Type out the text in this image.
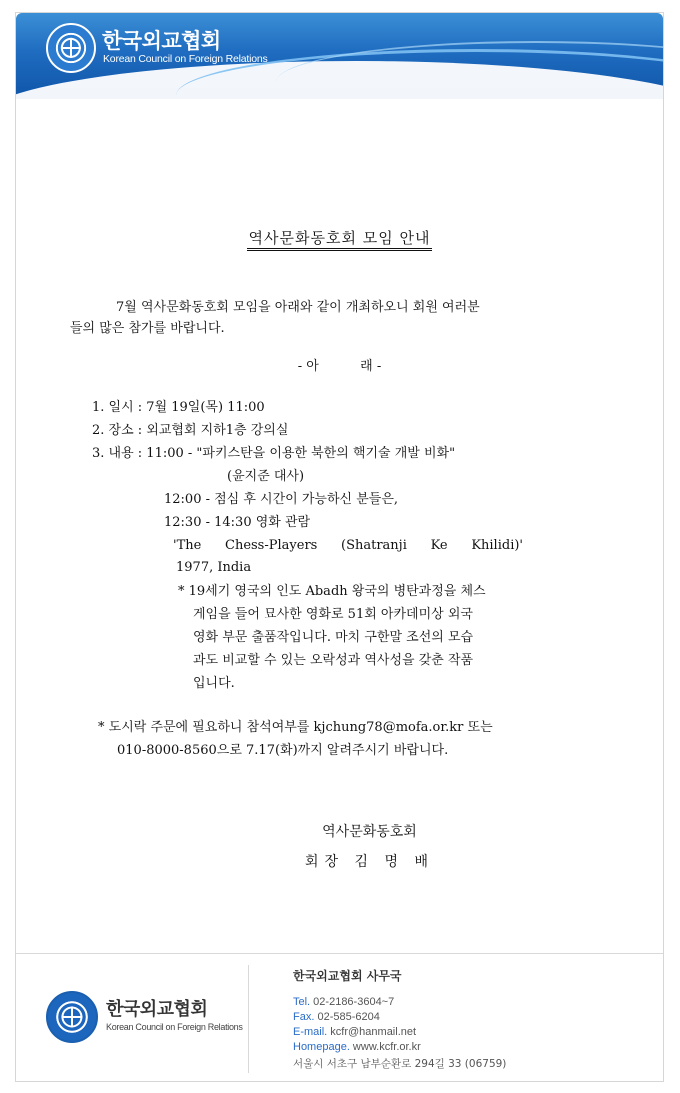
한국외교협회
Korean Council on Foreign Relations
역사문화동호회 모임 안내
7월 역사문화동호회 모임을 아래와 같이 개최하오니 회원 여러분
들의 많은 참가를 바랍니다.
- 아          래 -
1. 일시 : 7월 19일(목) 11:00
2. 장소 : 외교협회 지하1층 강의실
3. 내용 : 11:00 - "파키스탄을 이용한 북한의 핵기술 개발 비화"
(윤지준 대사)
12:00 - 점심 후 시간이 가능하신 분들은,
12:30 - 14:30 영화 관람
'The Chess-Players (Shatranji Ke Khilidi)'
1977, India
* 19세기 영국의 인도 Abadh 왕국의 병탄과정을 체스
게임을 들어 묘사한 영화로 51회 아카데미상 외국
영화 부문 출품작입니다. 마치 구한말 조선의 모습
과도 비교할 수 있는 오락성과 역사성을 갖춘 작품
입니다.
* 도시락 주문에 필요하니 참석여부를 kjchung78@mofa.or.kr 또는
010-8000-8560으로 7.17(화)까지 알려주시기 바랍니다.
역사문화동호회
회장 김 명 배
한국외교협회
Korean Council on Foreign Relations
한국외교협회 사무국
Tel. 02-2186-3604~7
Fax. 02-585-6204
E-mail. kcfr@hanmail.net
Homepage. www.kcfr.or.kr
서울시 서초구 남부순환로 294길 33 (06759)
